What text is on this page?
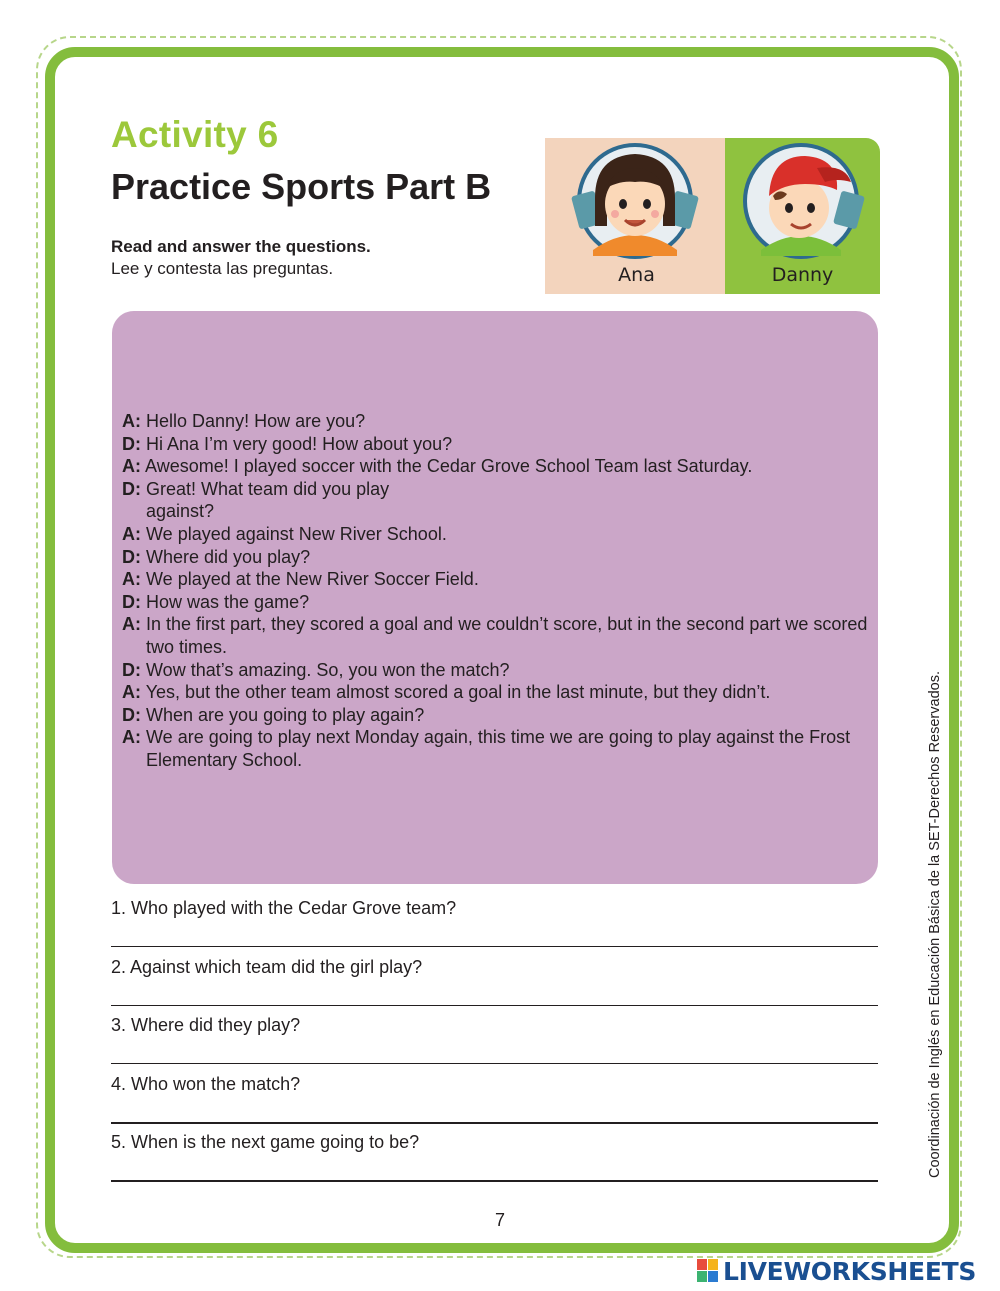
Activity 6
Practice Sports Part B
Read and answer the questions.
Lee y contesta las preguntas.	Ana	Danny
A: Hello Danny! How are you?
D: Hi Ana I’m very good! How about you?
A: Awesome! I played soccer with the Cedar Grove School Team last Saturday.
D: Great! What team did you play against?
A: We played against New River School.
D: Where did you play?
A: We played at the New River Soccer Field.
D: How was the game?
A: In the first part, they scored a goal and we couldn’t score, but in the second part we scored two times.
D: Wow that’s amazing. So, you won the match?
A: Yes, but the other team almost scored a goal in the last minute, but they didn’t.
D: When are you going to play again?
A: We are going to play next Monday again, this time we are going to play against the Frost Elementary School.
1. Who played with the Cedar Grove team?
2. Against which team did the girl play?
3. Where did they play?
4. Who won the match?
5. When is the next game going to be?
7
Coordinación de Inglés en Educación Básica de la SET-Derechos Reservados.
LIVEWORKSHEETS
